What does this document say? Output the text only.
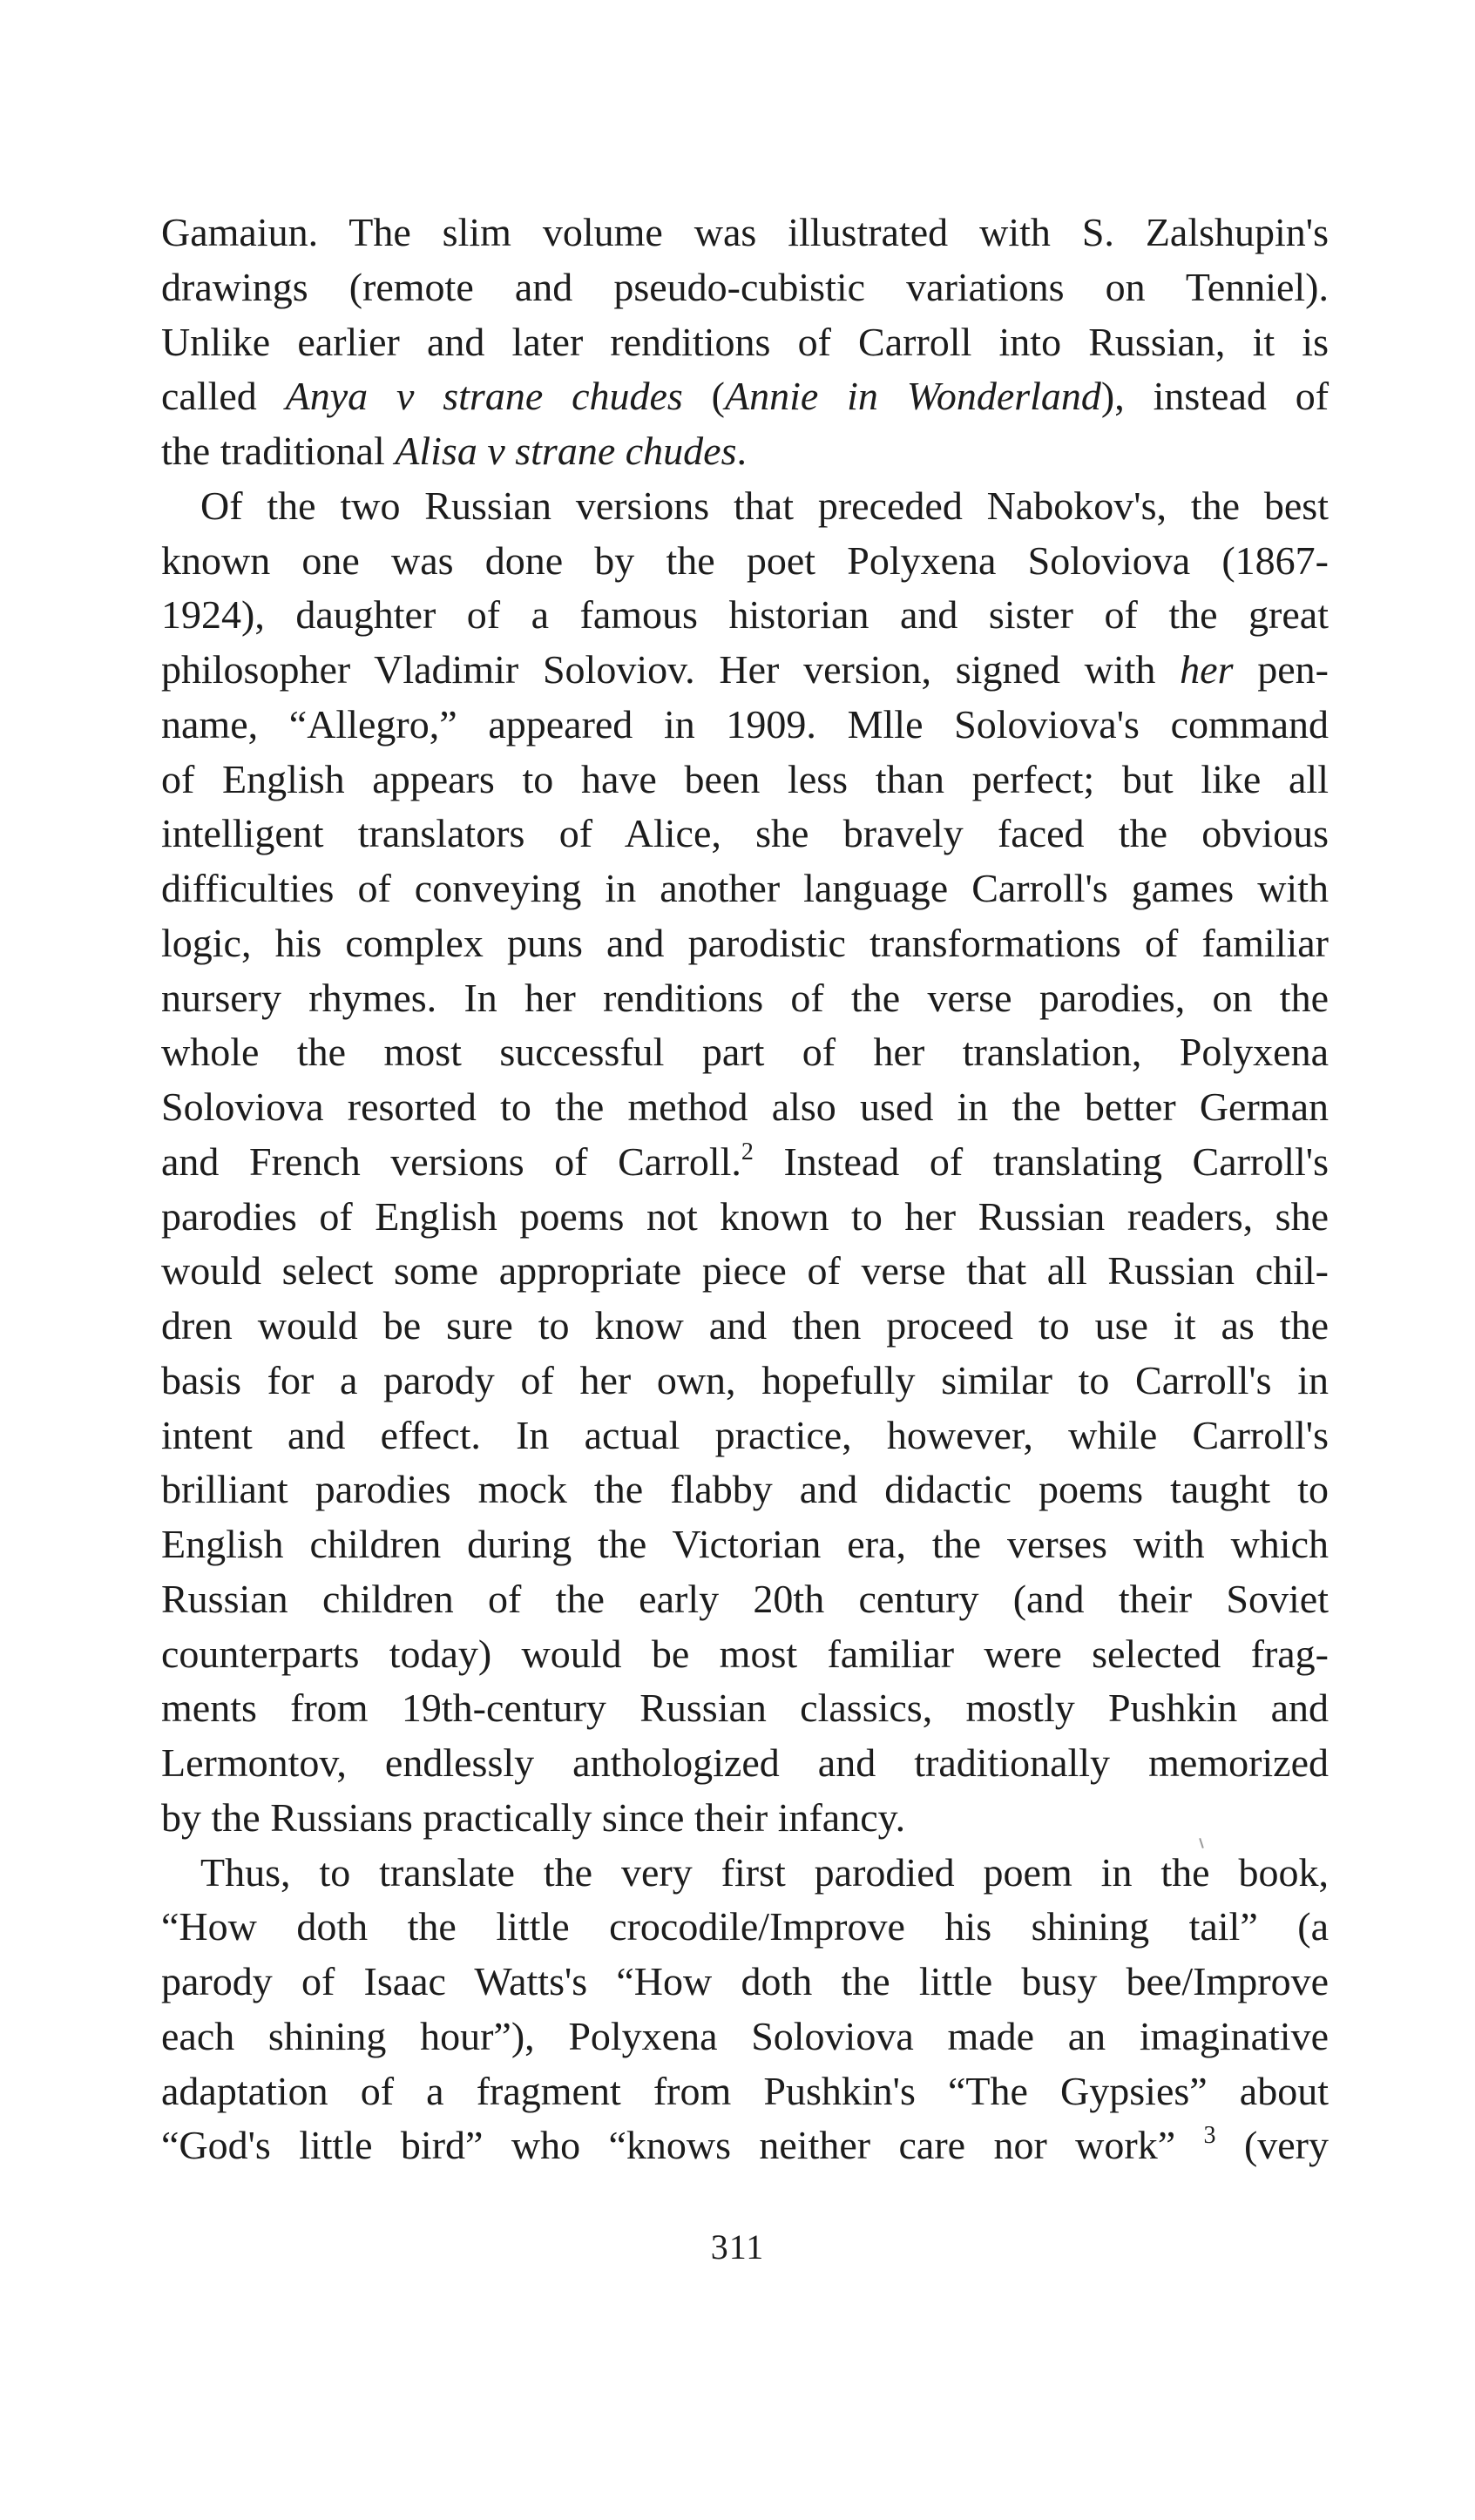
Gamaiun. The slim volume was illustrated with S. Zalshupin's
drawings (remote and pseudo-cubistic variations on Tenniel).
Unlike earlier and later renditions of Carroll into Russian, it is
called Anya v strane chudes (Annie in Wonderland), instead of
the traditional Alisa v strane chudes.
Of the two Russian versions that preceded Nabokov's, the best
known one was done by the poet Polyxena Soloviova (1867-
1924), daughter of a famous historian and sister of the great
philosopher Vladimir Soloviov. Her version, signed with her pen-
name, “Allegro,” appeared in 1909. Mlle Soloviova's command
of English appears to have been less than perfect; but like all
intelligent translators of Alice, she bravely faced the obvious
difficulties of conveying in another language Carroll's games with
logic, his complex puns and parodistic transformations of familiar
nursery rhymes. In her renditions of the verse parodies, on the
whole the most successful part of her translation, Polyxena
Soloviova resorted to the method also used in the better German
and French versions of Carroll.$^2$ Instead of translating Carroll's
parodies of English poems not known to her Russian readers, she
would select some appropriate piece of verse that all Russian chil-
dren would be sure to know and then proceed to use it as the
basis for a parody of her own, hopefully similar to Carroll's in
intent and effect. In actual practice, however, while Carroll's
brilliant parodies mock the flabby and didactic poems taught to
English children during the Victorian era, the verses with which
Russian children of the early 20th century (and their Soviet
counterparts today) would be most familiar were selected frag-
ments from 19th-century Russian classics, mostly Pushkin and
Lermontov, endlessly anthologized and traditionally memorized
by the Russians practically since their infancy.
Thus, to translate the very first parodied poem in the book,
“How doth the little crocodile/Improve his shining tail” (a
parody of Isaac Watts's “How doth the little busy bee/Improve
each shining hour”), Polyxena Soloviova made an imaginative
adaptation of a fragment from Pushkin's “The Gypsies” about
“God's little bird” who “knows neither care nor work” $^3$ (very
311
